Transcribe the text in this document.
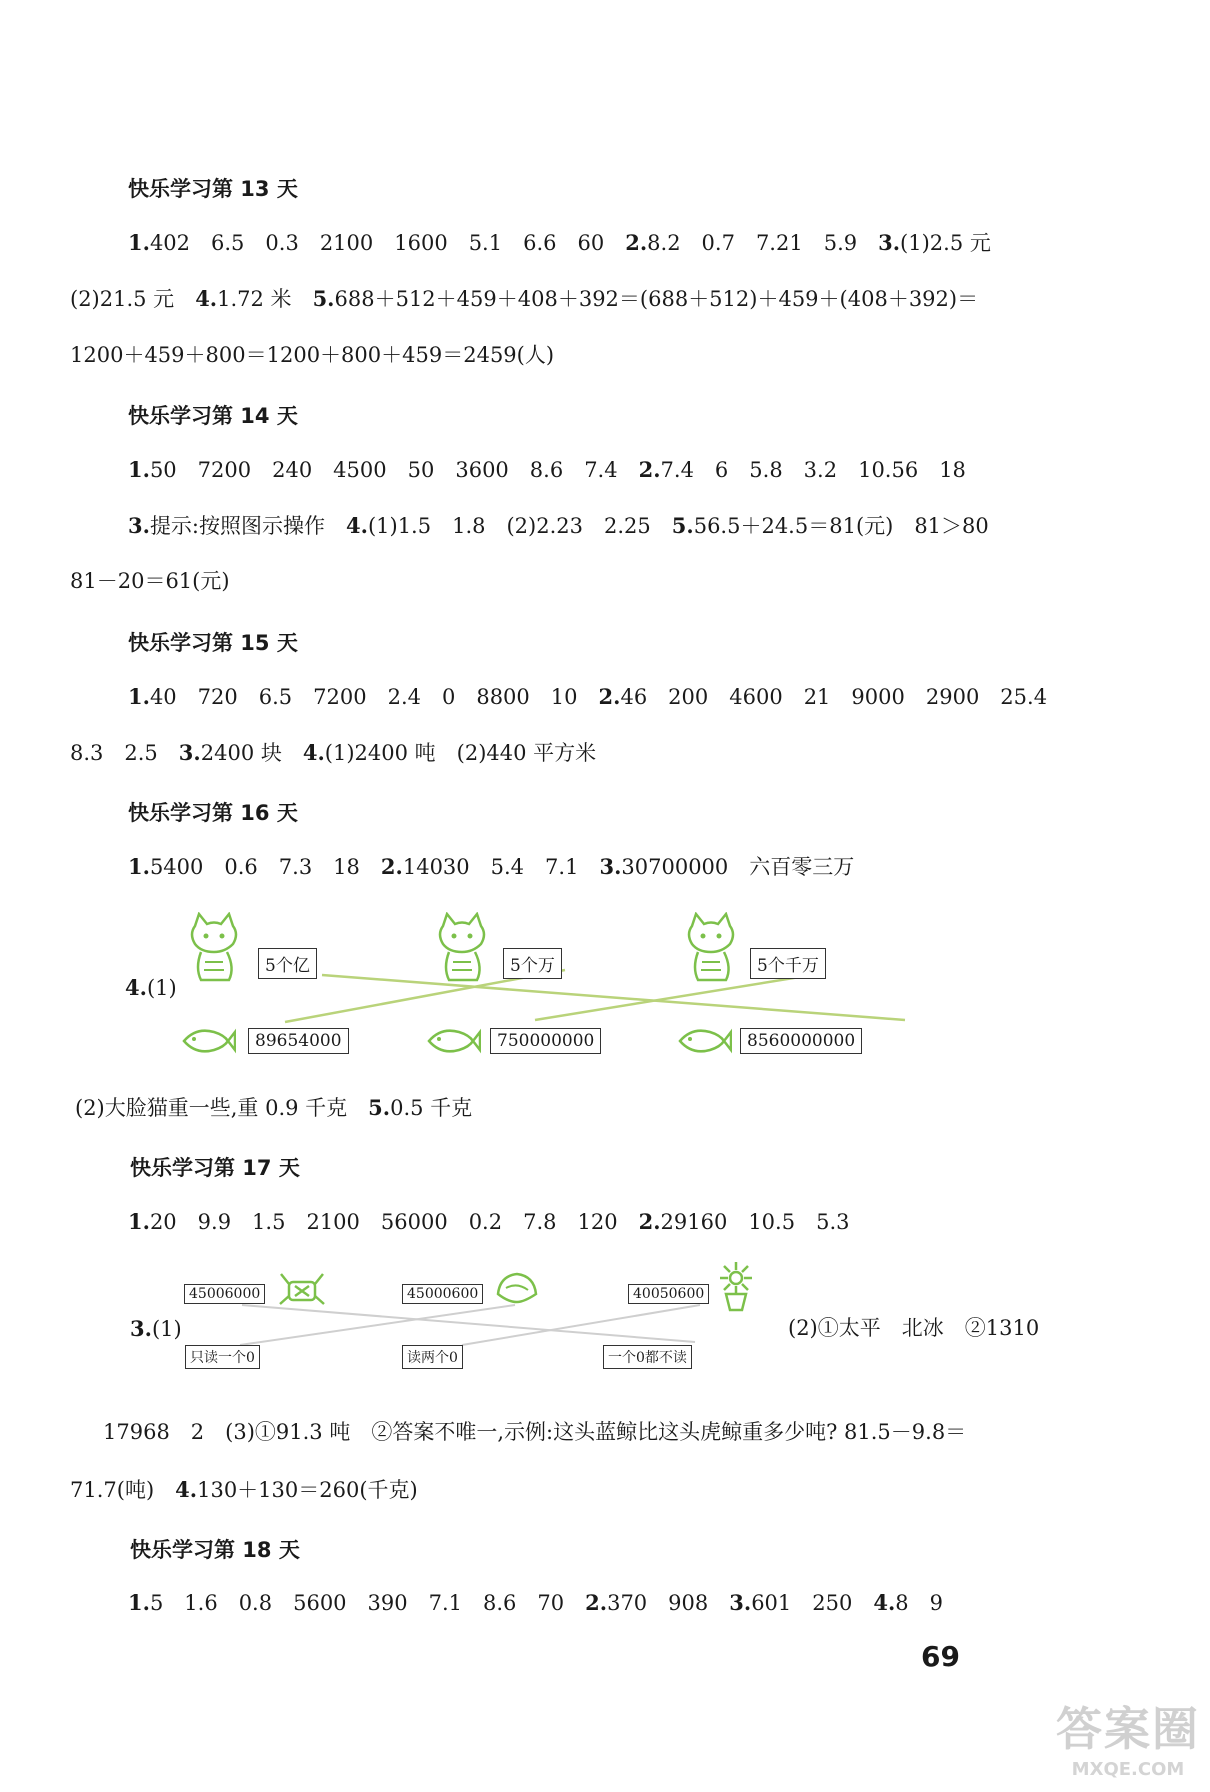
快乐学习第 13 天
1.402　6.5　0.3　2100　1600　5.1　6.6　60　2.8.2　0.7　7.21　5.9　3.(1)2.5 元
(2)21.5 元　4.1.72 米　5.688＋512＋459＋408＋392＝(688＋512)＋459＋(408＋392)＝
1200＋459＋800＝1200＋800＋459＝2459(人)
快乐学习第 14 天
1.50　7200　240　4500　50　3600　8.6　7.4　2.7.4　6　5.8　3.2　10.56　18
3.提示:按照图示操作　4.(1)1.5　1.8　(2)2.23　2.25　5.56.5＋24.5＝81(元)　81＞80
81－20＝61(元)
快乐学习第 15 天
1.40　720　6.5　7200　2.4　0　8800　10　2.46　200　4600　21　9000　2900　25.4
8.3　2.5　3.2400 块　4.(1)2400 吨　(2)440 平方米
快乐学习第 16 天
1.5400　0.6　7.3　18　2.14030　5.4　7.1　3.30700000　六百零三万
4.(1)
5个亿	5个万	5个千万
89654000	750000000	8560000000
(2)大脸猫重一些,重 0.9 千克　5.0.5 千克
快乐学习第 17 天
1.20　9.9　1.5　2100　56000　0.2　7.8　120　2.29160　10.5　5.3
3.(1)
45006000	45000600	40050600
只读一个0	读两个0	一个0都不读
(2)①太平　北冰　②1310
17968　2　(3)①91.3 吨　②答案不唯一,示例:这头蓝鲸比这头虎鲸重多少吨? 81.5－9.8＝
71.7(吨)　4.130＋130＝260(千克)
快乐学习第 18 天
1.5　1.6　0.8　5600　390　7.1　8.6　70　2.370　908　3.601　250　4.8　9
69
答案圈
MXQE.COM
